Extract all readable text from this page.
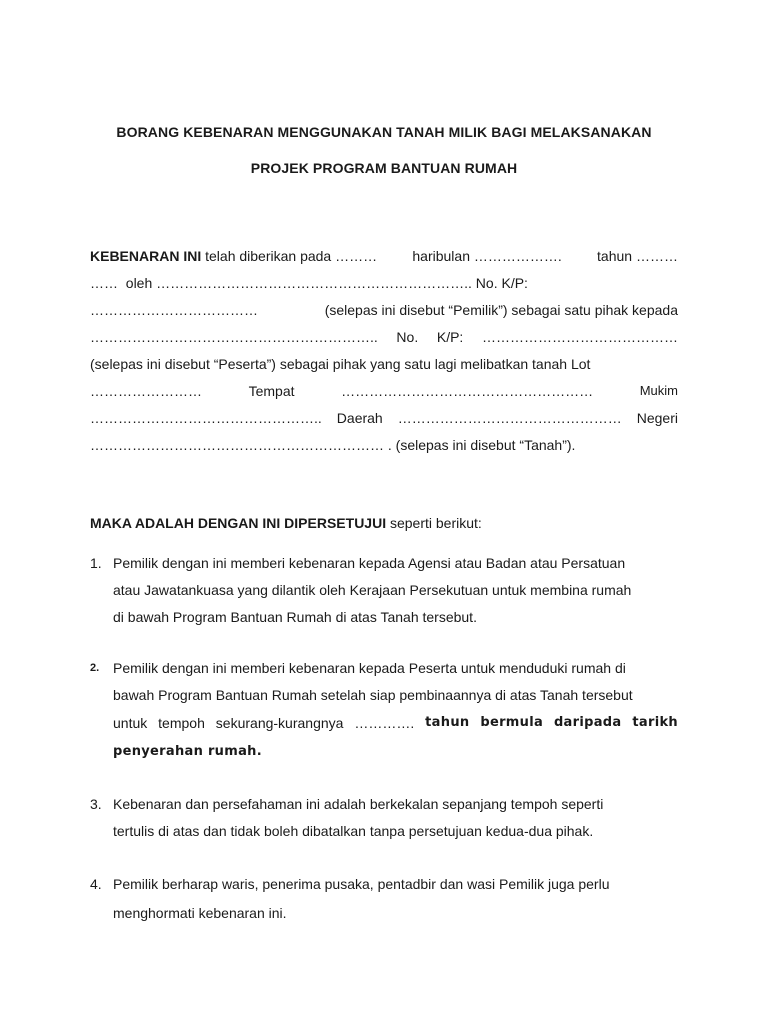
BORANG KEBENARAN MENGGUNAKAN TANAH MILIK BAGI MELAKSANAKAN
PROJEK PROGRAM BANTUAN RUMAH
KEBENARAN INI telah diberikan pada ………	haribulan ……………….	tahun ………
…… oleh ………………………………………………………….. No. K/P:
………………………………	(selepas ini disebut “Pemilik”) sebagai satu pihak kepada
…………………………………………………….. No. K/P: ……………………………………
(selepas ini disebut “Peserta”) sebagai pihak yang satu lagi melibatkan tanah Lot
……………………	Tempat	………………………………………………	Mukim
………………………………………….. Daerah ………………………………………… Negeri
……………………………………………………… . (selepas ini disebut “Tanah”).
MAKA ADALAH DENGAN INI DIPERSETUJUI seperti berikut:
1. Pemilik dengan ini memberi kebenaran kepada Agensi atau Badan atau Persatuan
atau Jawatankuasa yang dilantik oleh Kerajaan Persekutuan untuk membina rumah
di bawah Program Bantuan Rumah di atas Tanah tersebut.
2. Pemilik dengan ini memberi kebenaran kepada Peserta untuk menduduki rumah di
bawah Program Bantuan Rumah setelah siap pembinaannya di atas Tanah tersebut
untuk tempoh sekurang-kurangnya …………. tahun bermula daripada tarikh
penyerahan rumah.
3. Kebenaran dan persefahaman ini adalah berkekalan sepanjang tempoh seperti
tertulis di atas dan tidak boleh dibatalkan tanpa persetujuan kedua-dua pihak.
4. Pemilik berharap waris, penerima pusaka, pentadbir dan wasi Pemilik juga perlu
menghormati kebenaran ini.
